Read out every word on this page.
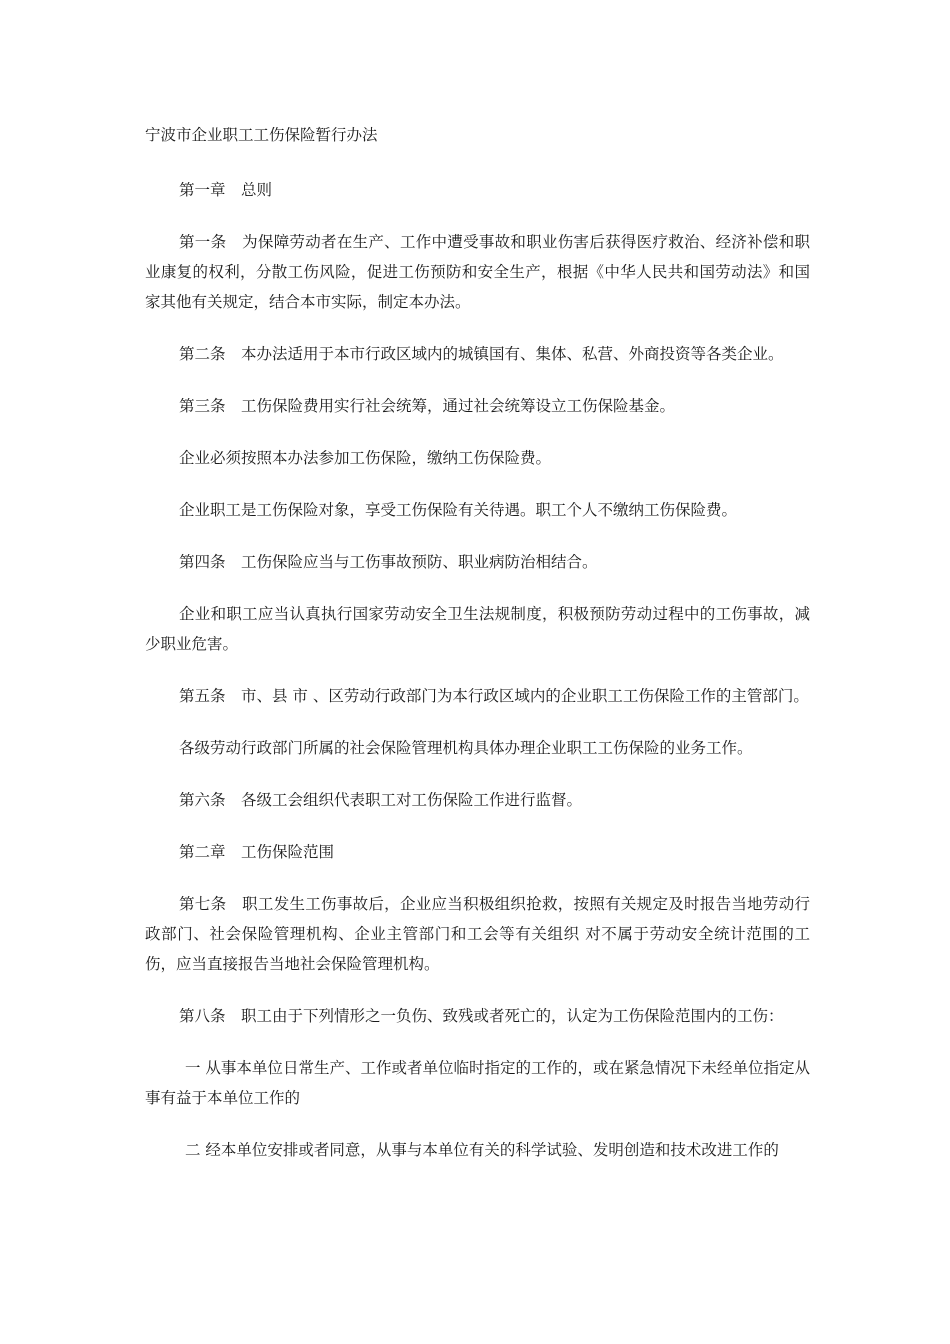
宁波市企业职工工伤保险暂行办法

第一章　总则

第一条　为保障劳动者在生产、工作中遭受事故和职业伤害后获得医疗救治、经济补偿和职业康复的权利，分散工伤风险，促进工伤预防和安全生产，根据《中华人民共和国劳动法》和国家其他有关规定，结合本市实际，制定本办法。

第二条　本办法适用于本市行政区域内的城镇国有、集体、私营、外商投资等各类企业。

第三条　工伤保险费用实行社会统筹，通过社会统筹设立工伤保险基金。

企业必须按照本办法参加工伤保险，缴纳工伤保险费。

企业职工是工伤保险对象，享受工伤保险有关待遇。职工个人不缴纳工伤保险费。

第四条　工伤保险应当与工伤事故预防、职业病防治相结合。

企业和职工应当认真执行国家劳动安全卫生法规制度，积极预防劳动过程中的工伤事故，减少职业危害。

第五条　市、县 市 、区劳动行政部门为本行政区域内的企业职工工伤保险工作的主管部门。

各级劳动行政部门所属的社会保险管理机构具体办理企业职工工伤保险的业务工作。

第六条　各级工会组织代表职工对工伤保险工作进行监督。

第二章　工伤保险范围

第七条　职工发生工伤事故后，企业应当积极组织抢救，按照有关规定及时报告当地劳动行政部门、社会保险管理机构、企业主管部门和工会等有关组织 对不属于劳动安全统计范围的工伤，应当直接报告当地社会保险管理机构。

第八条　职工由于下列情形之一负伤、致残或者死亡的，认定为工伤保险范围内的工伤：

一 从事本单位日常生产、工作或者单位临时指定的工作的，或在紧急情况下未经单位指定从事有益于本单位工作的

二 经本单位安排或者同意，从事与本单位有关的科学试验、发明创造和技术改进工作的
